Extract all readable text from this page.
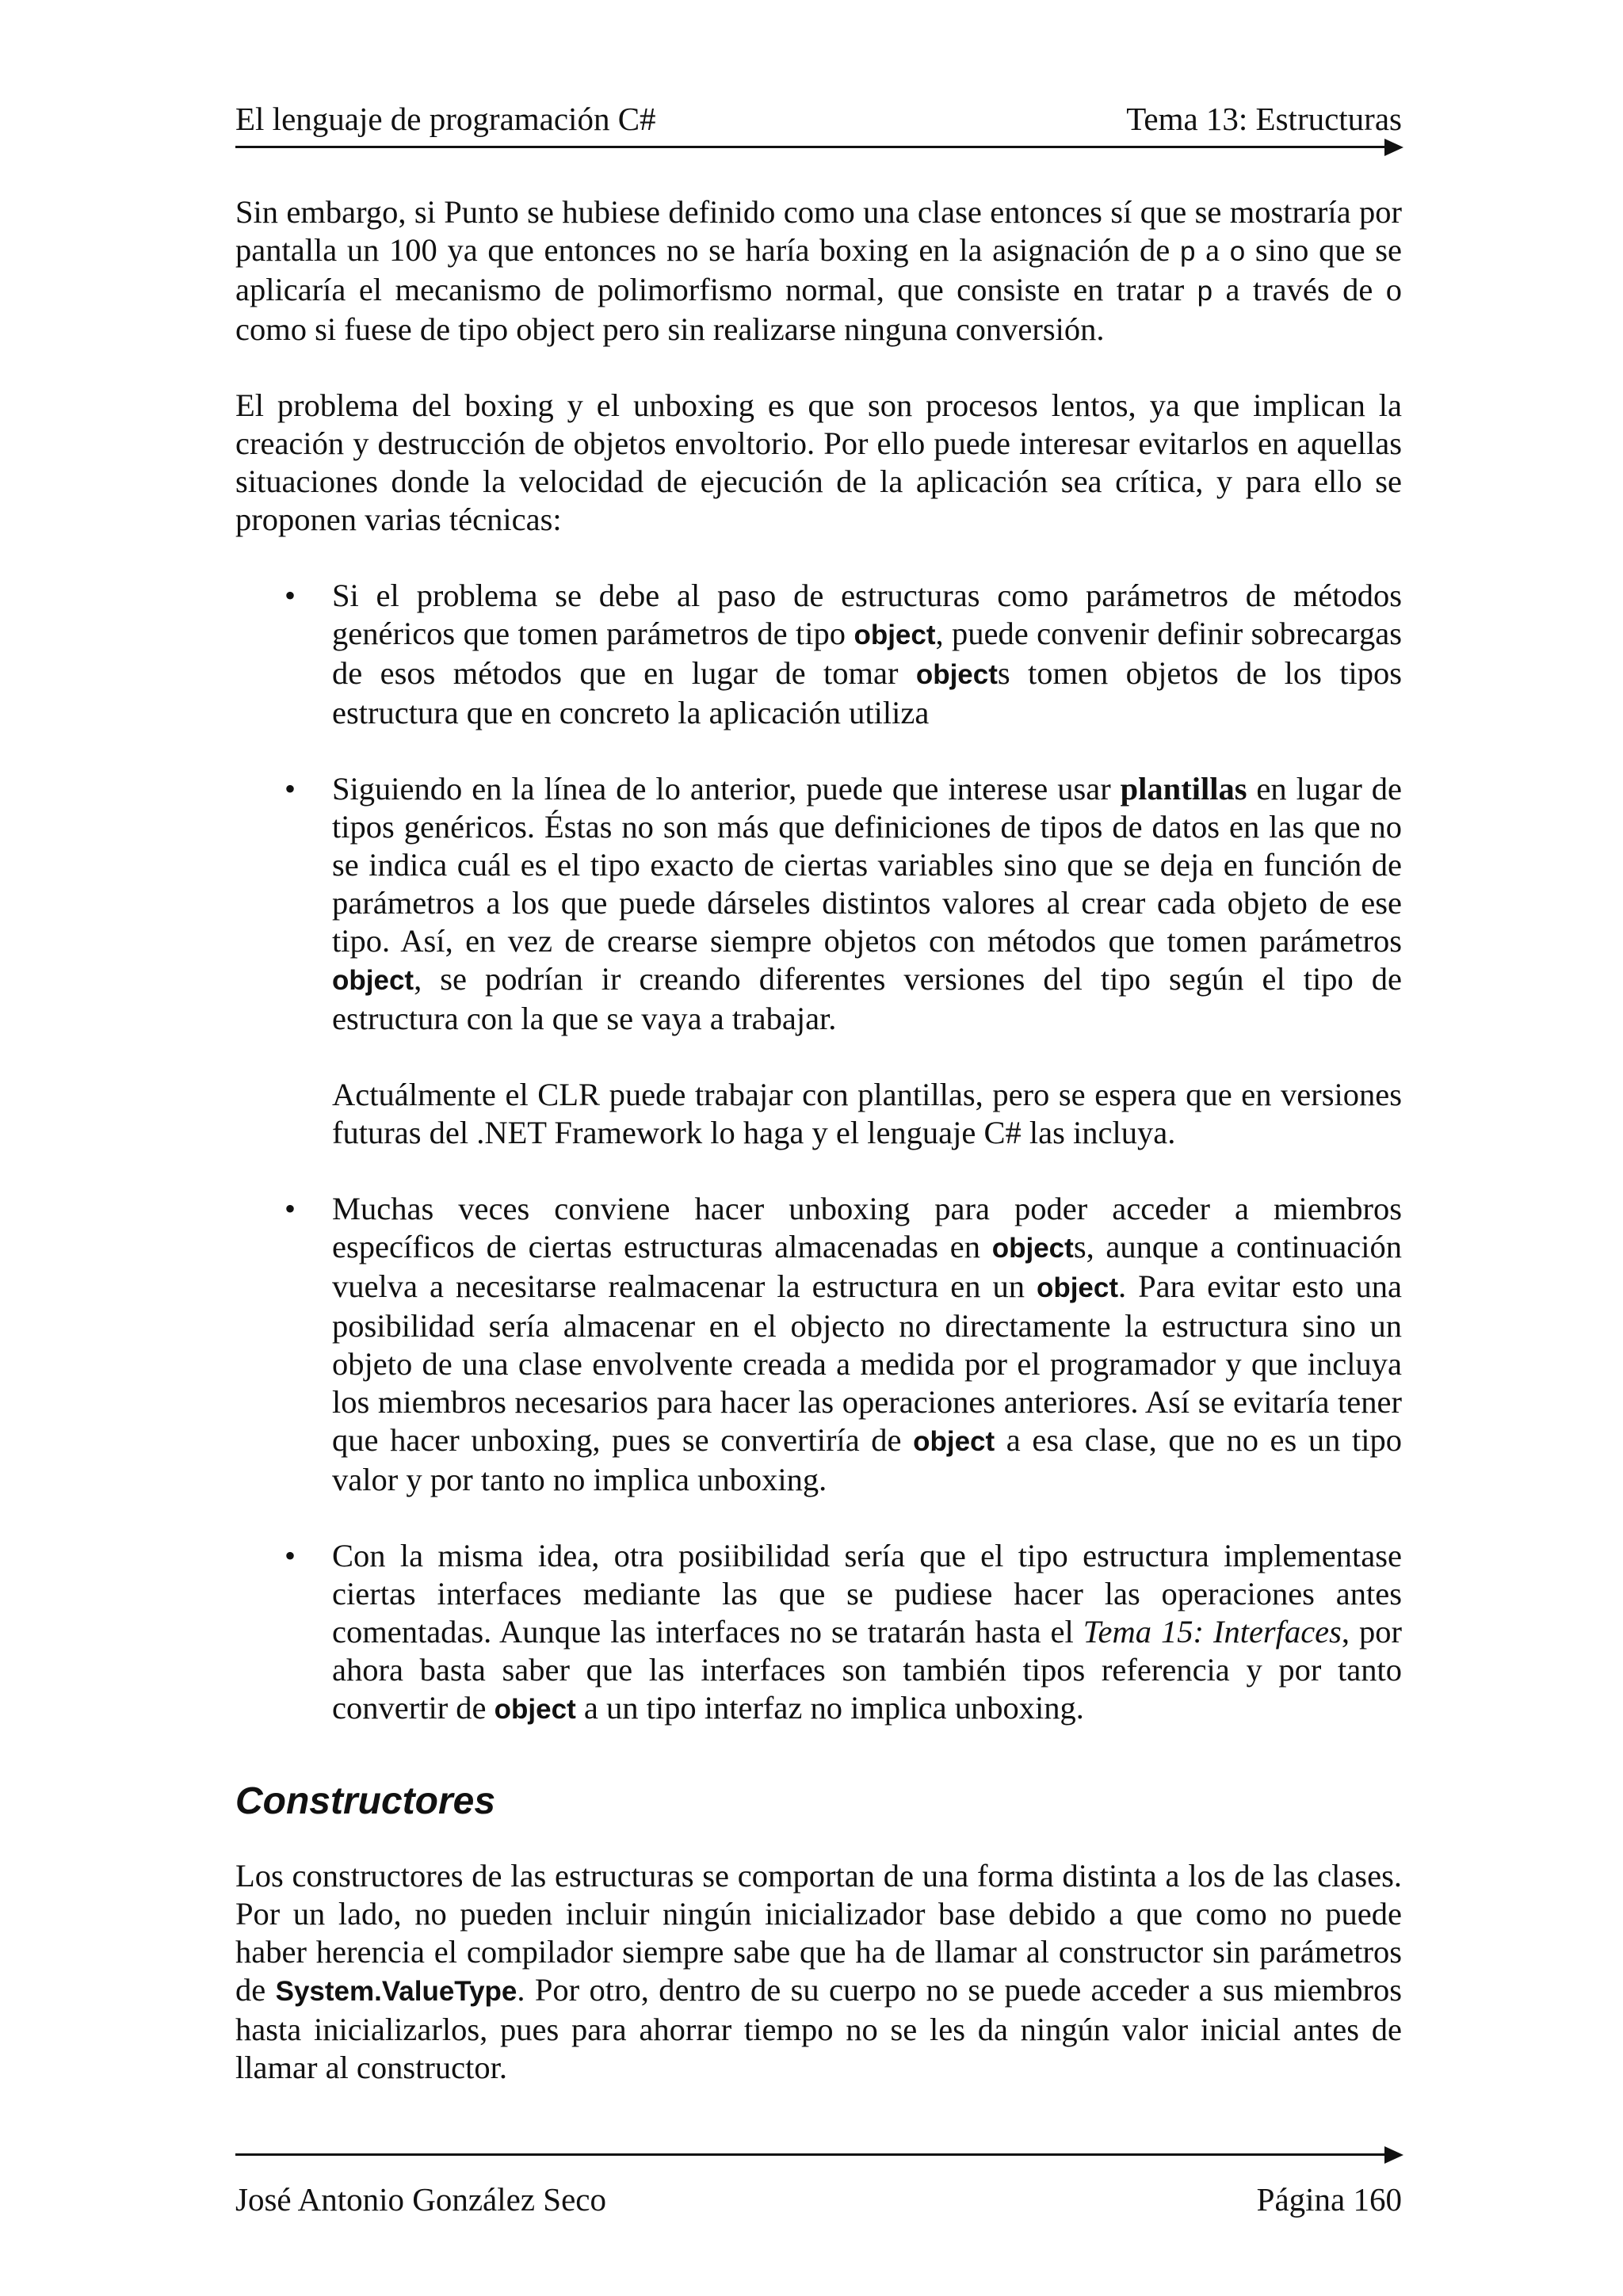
El lenguaje de programación C#	Tema 13: Estructuras

Sin embargo, si Punto se hubiese definido como una clase entonces sí que se mostraría por pantalla un 100 ya que entonces no se haría boxing en la asignación de p a o sino que se aplicaría el mecanismo de polimorfismo normal, que consiste en tratar p a través de o como si fuese de tipo object pero sin realizarse ninguna conversión.

El problema del boxing y el unboxing es que son procesos lentos, ya que implican la creación y destrucción de objetos envoltorio. Por ello puede interesar evitarlos en aquellas situaciones donde la velocidad de ejecución de la aplicación sea crítica, y para ello se proponen varias técnicas:

• Si el problema se debe al paso de estructuras como parámetros de métodos genéricos que tomen parámetros de tipo object, puede convenir definir sobrecargas de esos métodos que en lugar de tomar objects tomen objetos de los tipos estructura que en concreto la aplicación utiliza

• Siguiendo en la línea de lo anterior, puede que interese usar plantillas en lugar de tipos genéricos. Éstas no son más que definiciones de tipos de datos en las que no se indica cuál es el tipo exacto de ciertas variables sino que se deja en función de parámetros a los que puede dárseles distintos valores al crear cada objeto de ese tipo. Así, en vez de crearse siempre objetos con métodos que tomen parámetros object, se podrían ir creando diferentes versiones del tipo según el tipo de estructura con la que se vaya a trabajar.

Actuálmente el CLR puede trabajar con plantillas, pero se espera que en versiones futuras del .NET Framework lo haga y el lenguaje C# las incluya.

• Muchas veces conviene hacer unboxing para poder acceder a miembros específicos de ciertas estructuras almacenadas en objects, aunque a continuación vuelva a necesitarse realmacenar la estructura en un object. Para evitar esto una posibilidad sería almacenar en el objecto no directamente la estructura sino un objeto de una clase envolvente creada a medida por el programador y que incluya los miembros necesarios para hacer las operaciones anteriores. Así se evitaría tener que hacer unboxing, pues se convertiría de object a esa clase, que no es un tipo valor y por tanto no implica unboxing.

• Con la misma idea, otra posiibilidad sería que el tipo estructura implementase ciertas interfaces mediante las que se pudiese hacer las operaciones antes comentadas. Aunque las interfaces no se tratarán hasta el Tema 15: Interfaces, por ahora basta saber que las interfaces son también tipos referencia y por tanto convertir de object a un tipo interfaz no implica unboxing.

Constructores

Los constructores de las estructuras se comportan de una forma distinta a los de las clases. Por un lado, no pueden incluir ningún inicializador base debido a que como no puede haber herencia el compilador siempre sabe que ha de llamar al constructor sin parámetros de System.ValueType. Por otro, dentro de su cuerpo no se puede acceder a sus miembros hasta inicializarlos, pues para ahorrar tiempo no se les da ningún valor inicial antes de llamar al constructor.

José Antonio González Seco	Página 160
